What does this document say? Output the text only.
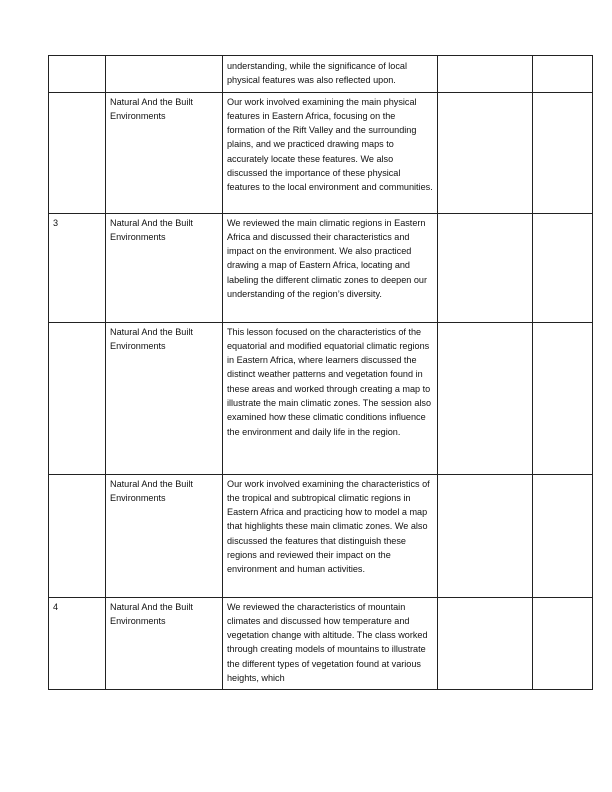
		understanding, while the significance of local physical features was also reflected upon.		

	Natural And the Built Environments	Our work involved examining the main physical features in Eastern Africa, focusing on the formation of the Rift Valley and the surrounding plains, and we practiced drawing maps to accurately locate these features. We also discussed the importance of these physical features to the local environment and communities.		

3	Natural And the Built Environments	We reviewed the main climatic regions in Eastern Africa and discussed their characteristics and impact on the environment. We also practiced drawing a map of Eastern Africa, locating and labeling the different climatic zones to deepen our understanding of the region’s diversity.		

	Natural And the Built Environments	This lesson focused on the characteristics of the equatorial and modified equatorial climatic regions in Eastern Africa, where learners discussed the distinct weather patterns and vegetation found in these areas and worked through creating a map to illustrate the main climatic zones. The session also examined how these climatic conditions influence the environment and daily life in the region.		

	Natural And the Built Environments	Our work involved examining the characteristics of the tropical and subtropical climatic regions in Eastern Africa and practicing how to model a map that highlights these main climatic zones. We also discussed the features that distinguish these regions and reviewed their impact on the environment and human activities.		

4	Natural And the Built Environments	We reviewed the characteristics of mountain climates and discussed how temperature and vegetation change with altitude. The class worked through creating models of mountains to illustrate the different types of vegetation found at various heights, which		
